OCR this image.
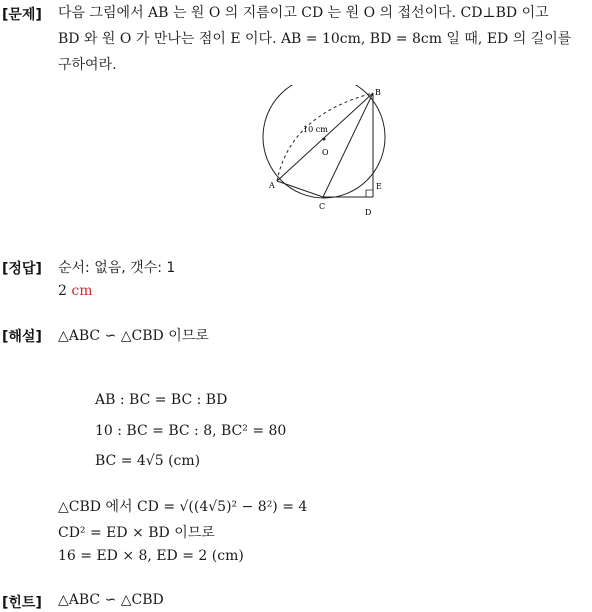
[문제] 다음 그림에서 AB 는 원 O 의 지름이고 CD 는 원 O 의 접선이다. CD⊥BD 이고
BD 와 원 O 가 만나는 점이 E 이다. AB = 10cm, BD = 8cm 일 때, ED 의 길이를
구하여라.
B
A
C
D
E
O
10 cm
[정답] 순서: 없음, 갯수: 1
2 cm
[해설] △ABC ∽ △CBD 이므로
AB : BC = BC : BD
10 : BC = BC : 8, BC² = 80
BC = 4√5 (cm)
△CBD 에서 CD = √((4√5)² − 8²) = 4
CD² = ED × BD 이므로
16 = ED × 8, ED = 2 (cm)
[힌트] △ABC ∽ △CBD
